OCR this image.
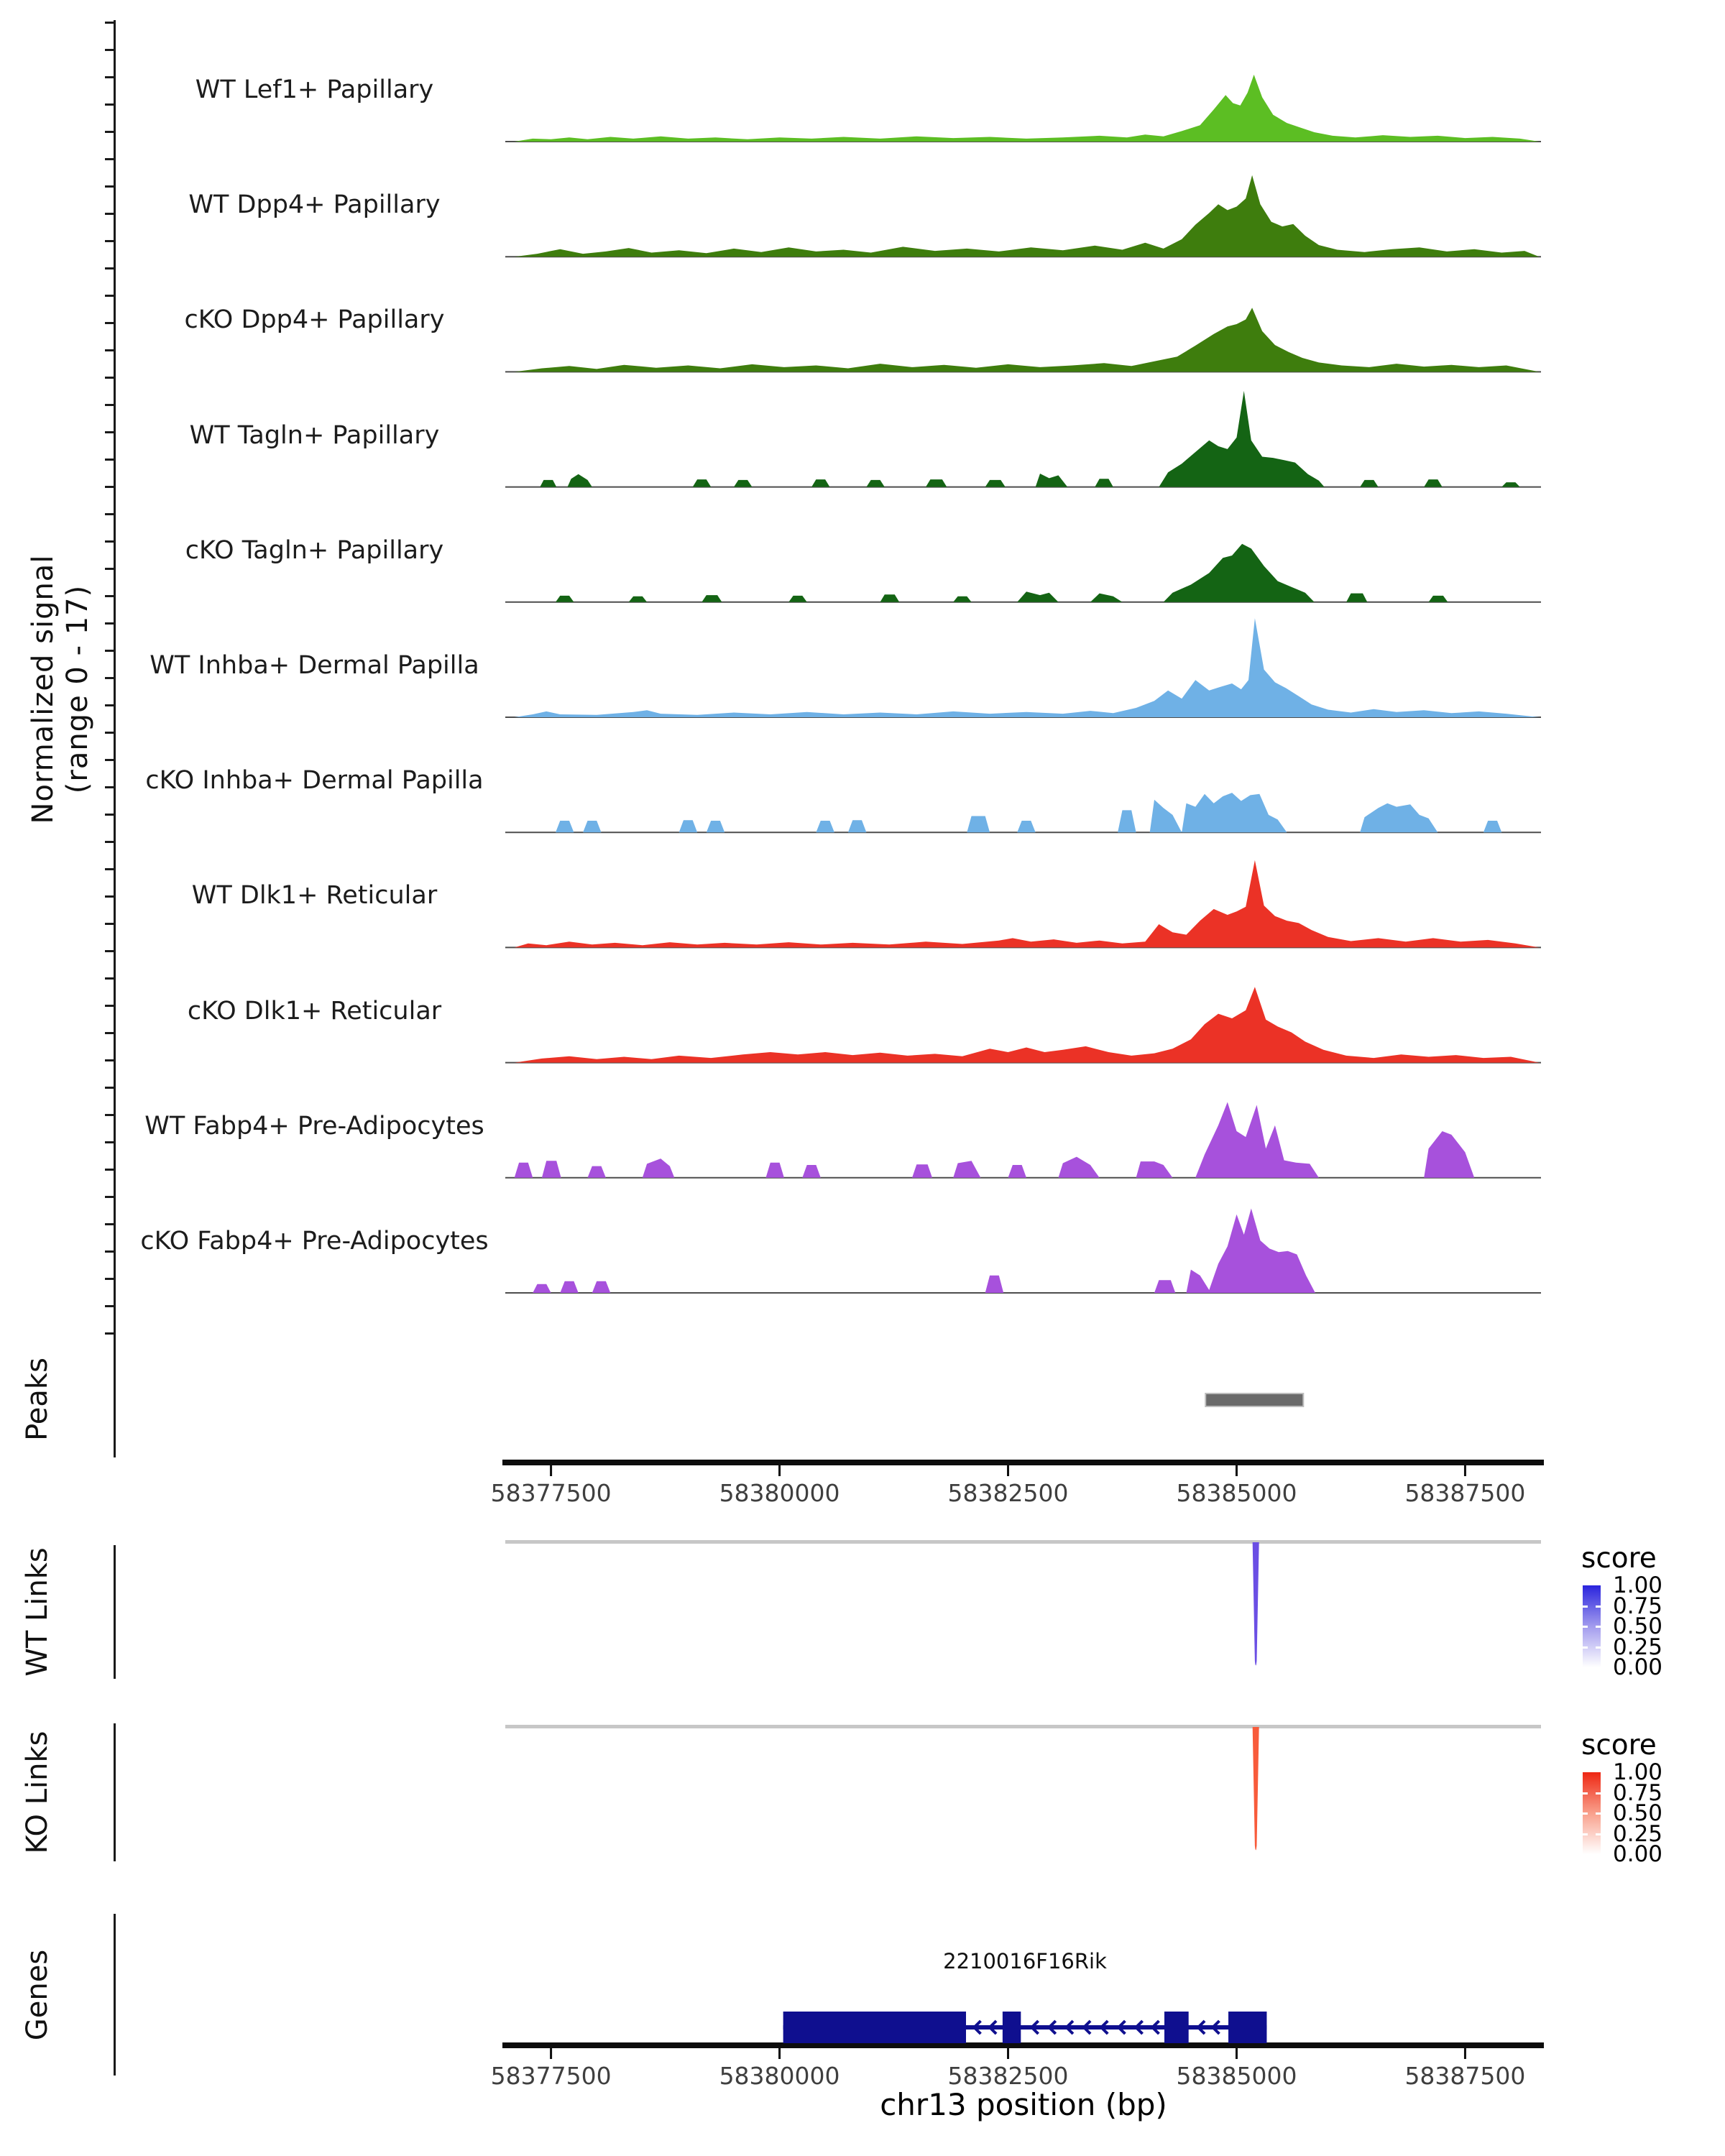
Normalized signal (range 0 - 17)
Peaks
WT Links
KO Links
Genes
WT Lef1+ Papillary
WT Dpp4+ Papillary
cKO Dpp4+ Papillary
WT Tagln+ Papillary
cKO Tagln+ Papillary
WT Inhba+ Dermal Papilla
cKO Inhba+ Dermal Papilla
WT Dlk1+ Reticular
cKO Dlk1+ Reticular
WT Fabp4+ Pre-Adipocytes
cKO Fabp4+ Pre-Adipocytes
58377500	58380000	58382500	58385000	58387500
58377500	58380000	58382500	58385000	58387500
2210016F16Rik
chr13 position (bp)
score
1.00
0.75
0.50
0.25
0.00
score
1.00
0.75
0.50
0.25
0.00
